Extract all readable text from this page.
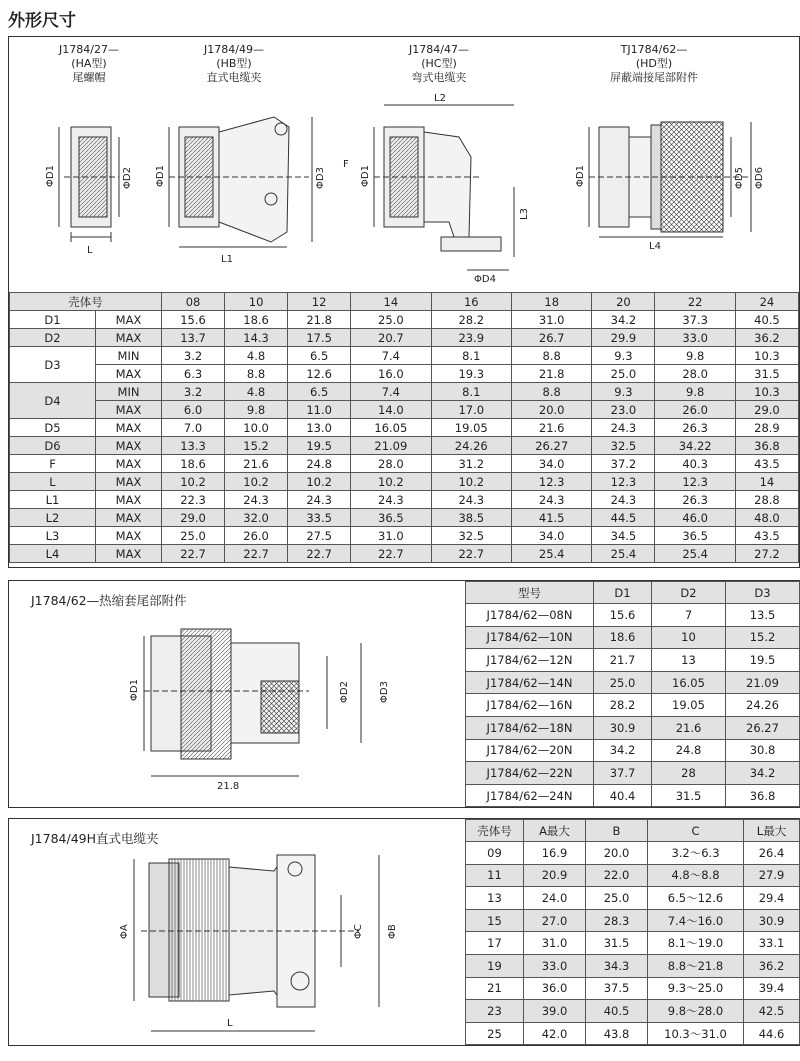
外形尺寸
J1784/27—
(HA型)
尾螺帽
J1784/49—
(HB型)
直式电缆夹
J1784/47—
(HC型)
弯式电缆夹
TJ1784/62—
(HD型)
屏蔽端接尾部附件
ΦD1	ΦD2
L
ΦD1	ΦD3
F
L1
ΦD1
L2
L3
ΦD4
ΦD1	ΦD5 ΦD6
L4
壳体号		08	10	12	14	16	18	20	22	24
D1	MAX	15.6	18.6	21.8	25.0	28.2	31.0	34.2	37.3	40.5
D2	MAX	13.7	14.3	17.5	20.7	23.9	26.7	29.9	33.0	36.2
D3	MIN	3.2	4.8	6.5	7.4	8.1	8.8	9.3	9.8	10.3
	MAX	6.3	8.8	12.6	16.0	19.3	21.8	25.0	28.0	31.5
D4	MIN	3.2	4.8	6.5	7.4	8.1	8.8	9.3	9.8	10.3
	MAX	6.0	9.8	11.0	14.0	17.0	20.0	23.0	26.0	29.0
D5	MAX	7.0	10.0	13.0	16.05	19.05	21.6	24.3	26.3	28.9
D6	MAX	13.3	15.2	19.5	21.09	24.26	26.27	32.5	34.22	36.8
F	MAX	18.6	21.6	24.8	28.0	31.2	34.0	37.2	40.3	43.5
L	MAX	10.2	10.2	10.2	10.2	10.2	12.3	12.3	12.3	14
L1	MAX	22.3	24.3	24.3	24.3	24.3	24.3	24.3	26.3	28.8
L2	MAX	29.0	32.0	33.5	36.5	38.5	41.5	44.5	46.0	48.0
L3	MAX	25.0	26.0	27.5	31.0	32.5	34.0	34.5	36.5	43.5
L4	MAX	22.7	22.7	22.7	22.7	22.7	25.4	25.4	25.4	27.2
J1784/62—热缩套尾部附件
ΦD1	ΦD2	ΦD3
21.8
型号	D1	D2	D3
J1784/62—08N	15.6	7	13.5
J1784/62—10N	18.6	10	15.2
J1784/62—12N	21.7	13	19.5
J1784/62—14N	25.0	16.05	21.09
J1784/62—16N	28.2	19.05	24.26
J1784/62—18N	30.9	21.6	26.27
J1784/62—20N	34.2	24.8	30.8
J1784/62—22N	37.7	28	34.2
J1784/62—24N	40.4	31.5	36.8
J1784/49H直式电缆夹
ΦA	ΦC ΦB
L
壳体号	A最大	B	C	L最大
09	16.9	20.0	3.2～6.3	26.4
11	20.9	22.0	4.8～8.8	27.9
13	24.0	25.0	6.5～12.6	29.4
15	27.0	28.3	7.4～16.0	30.9
17	31.0	31.5	8.1～19.0	33.1
19	33.0	34.3	8.8～21.8	36.2
21	36.0	37.5	9.3～25.0	39.4
23	39.0	40.5	9.8～28.0	42.5
25	42.0	43.8	10.3～31.0	44.6
